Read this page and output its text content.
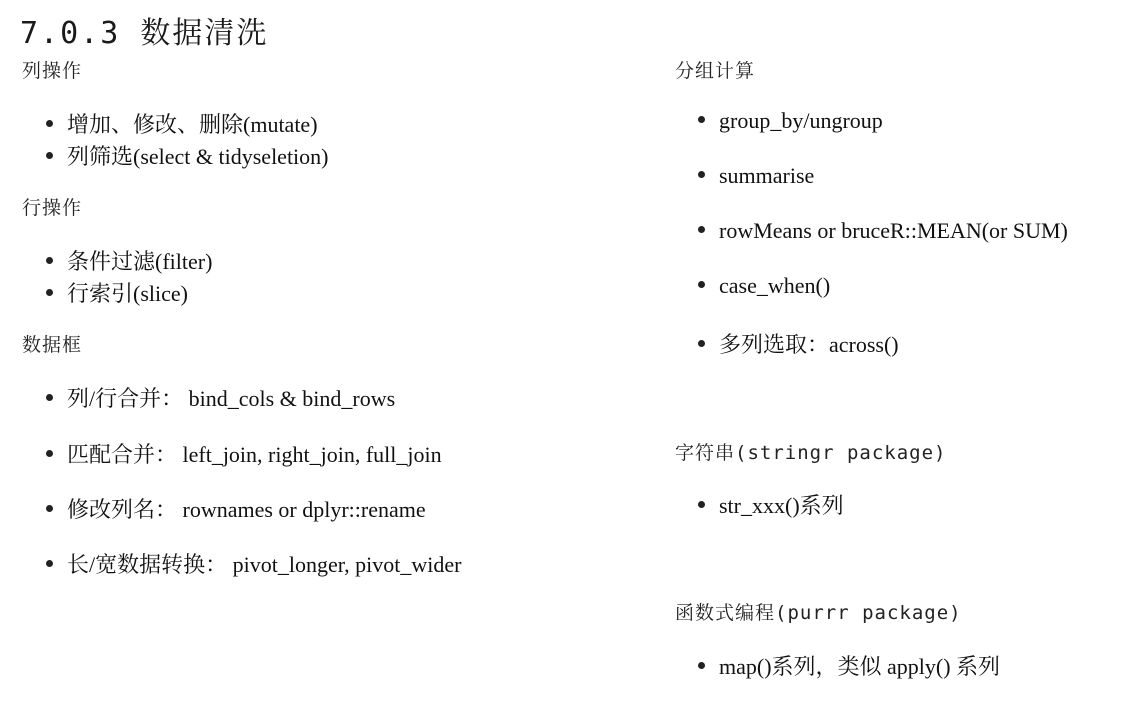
7.0.3 数据清洗
列操作
增加、修改、删除(mutate)
列筛选(select & tidyseletion)
行操作
条件过滤(filter)
行索引(slice)
数据框
列/行合并： bind_cols & bind_rows
匹配合并： left_join, right_join, full_join
修改列名： rownames or dplyr::rename
长/宽数据转换： pivot_longer, pivot_wider
分组计算
group_by/ungroup
summarise
rowMeans or bruceR::MEAN(or SUM)
case_when()
多列选取：across()
字符串(stringr package)
str_xxx()系列
函数式编程(purrr package)
map()系列，类似 apply() 系列
